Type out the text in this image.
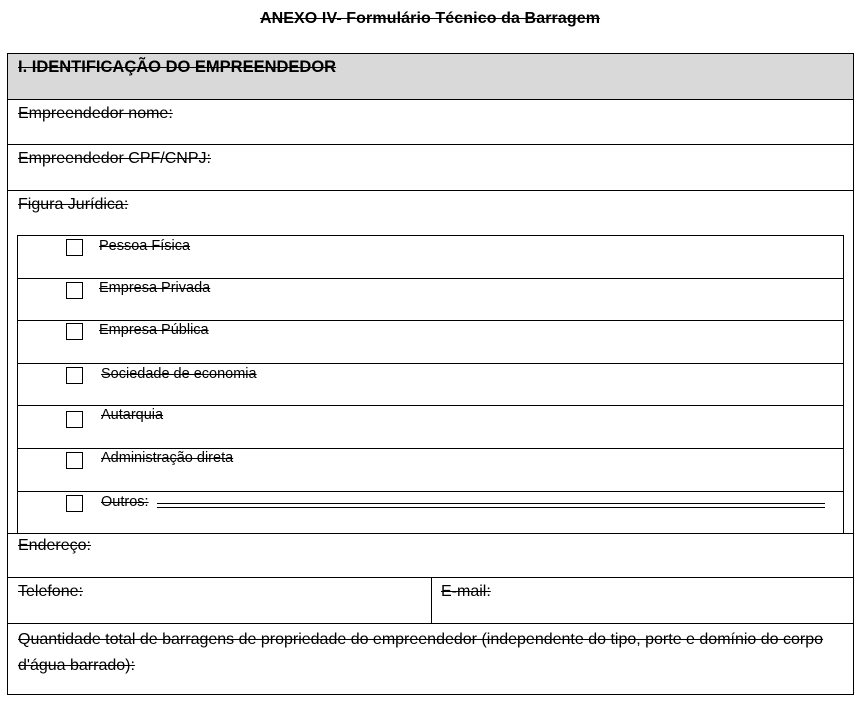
ANEXO IV- Formulário Técnico da Barragem
I. IDENTIFICAÇÃO DO EMPREENDEDOR
Empreendedor nome:
Empreendedor CPF/CNPJ:
Figura Jurídica:
Pessoa Física
Empresa Privada
Empresa Pública
Sociedade de economia
Autarquia
Administração direta
Outros:
Endereço:
Telefone:	E-mail:
Quantidade total de barragens de propriedade do empreendedor (independente do tipo, porte e domínio do corpo d'água barrado):
